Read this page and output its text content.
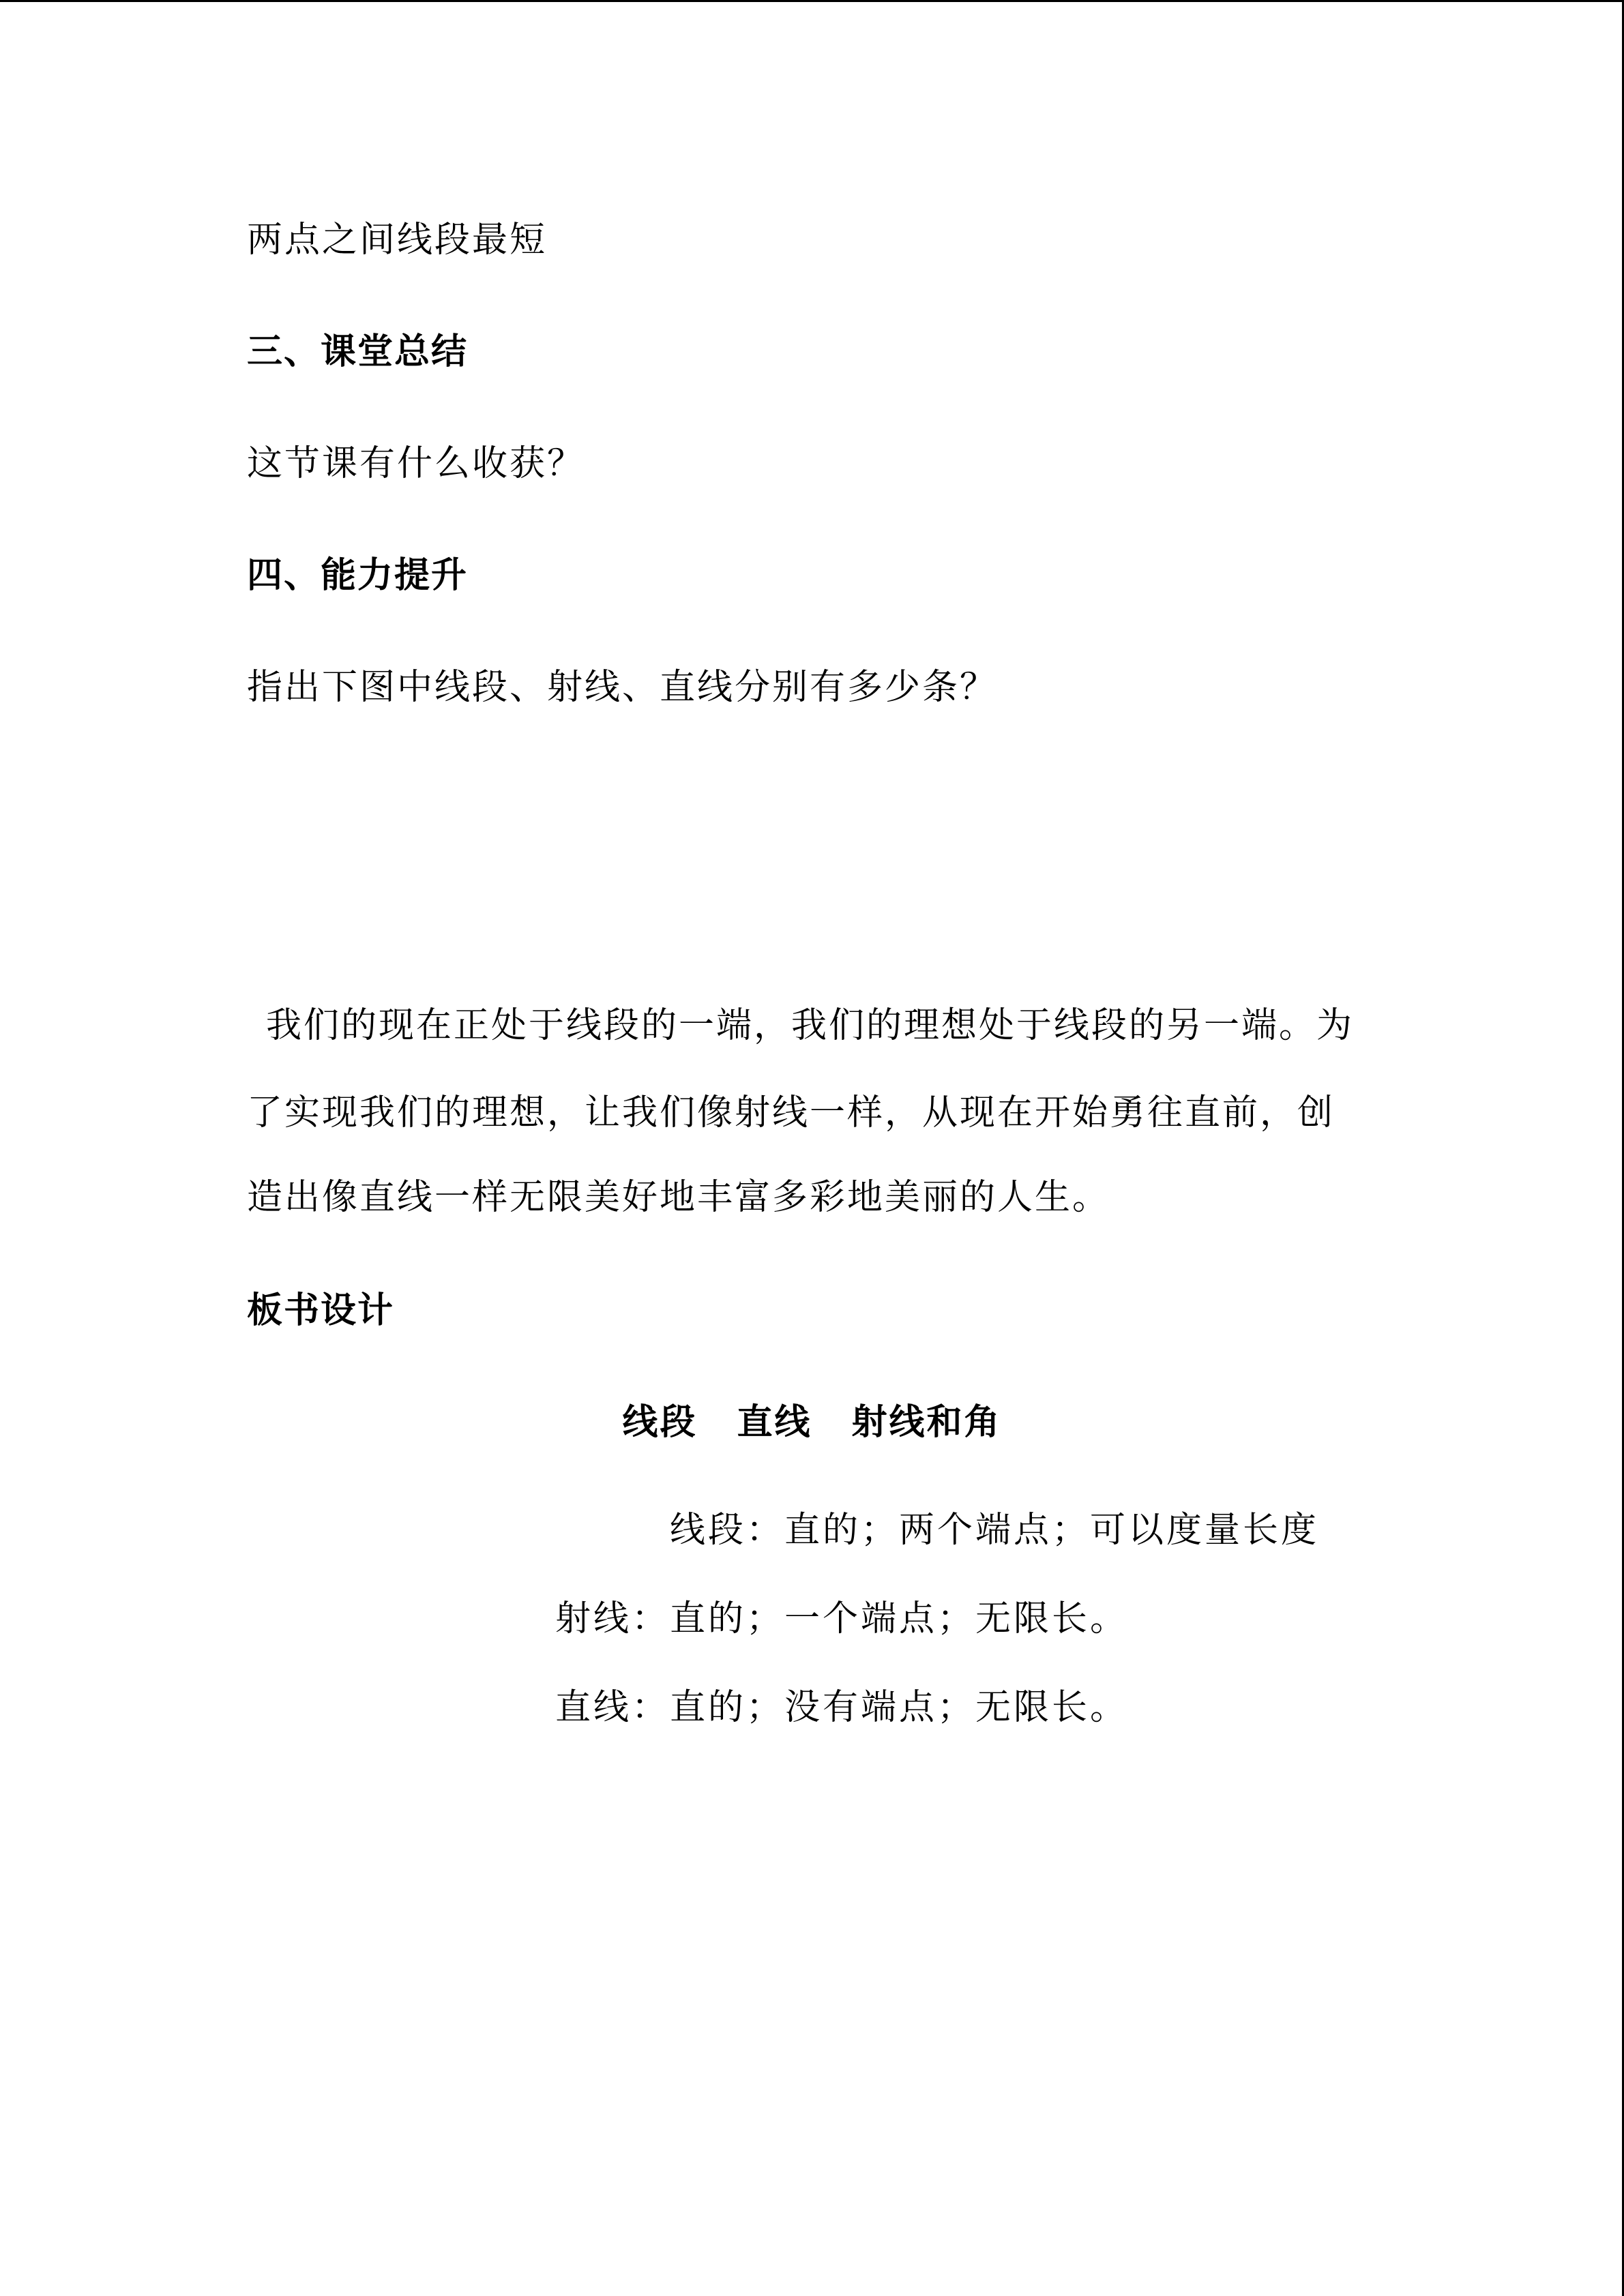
两点之间线段最短
三、课堂总结
这节课有什么收获？
四、能力提升
指出下图中线段、射线、直线分别有多少条？
我们的现在正处于线段的一端，我们的理想处于线段的另一端。为
了实现我们的理想，让我们像射线一样，从现在开始勇往直前，创
造出像直线一样无限美好地丰富多彩地美丽的人生。
板书设计
线段 直线 射线和角
线段：直的；两个端点；可以度量长度
射线：直的；一个端点；无限长。
直线：直的；没有端点；无限长。
